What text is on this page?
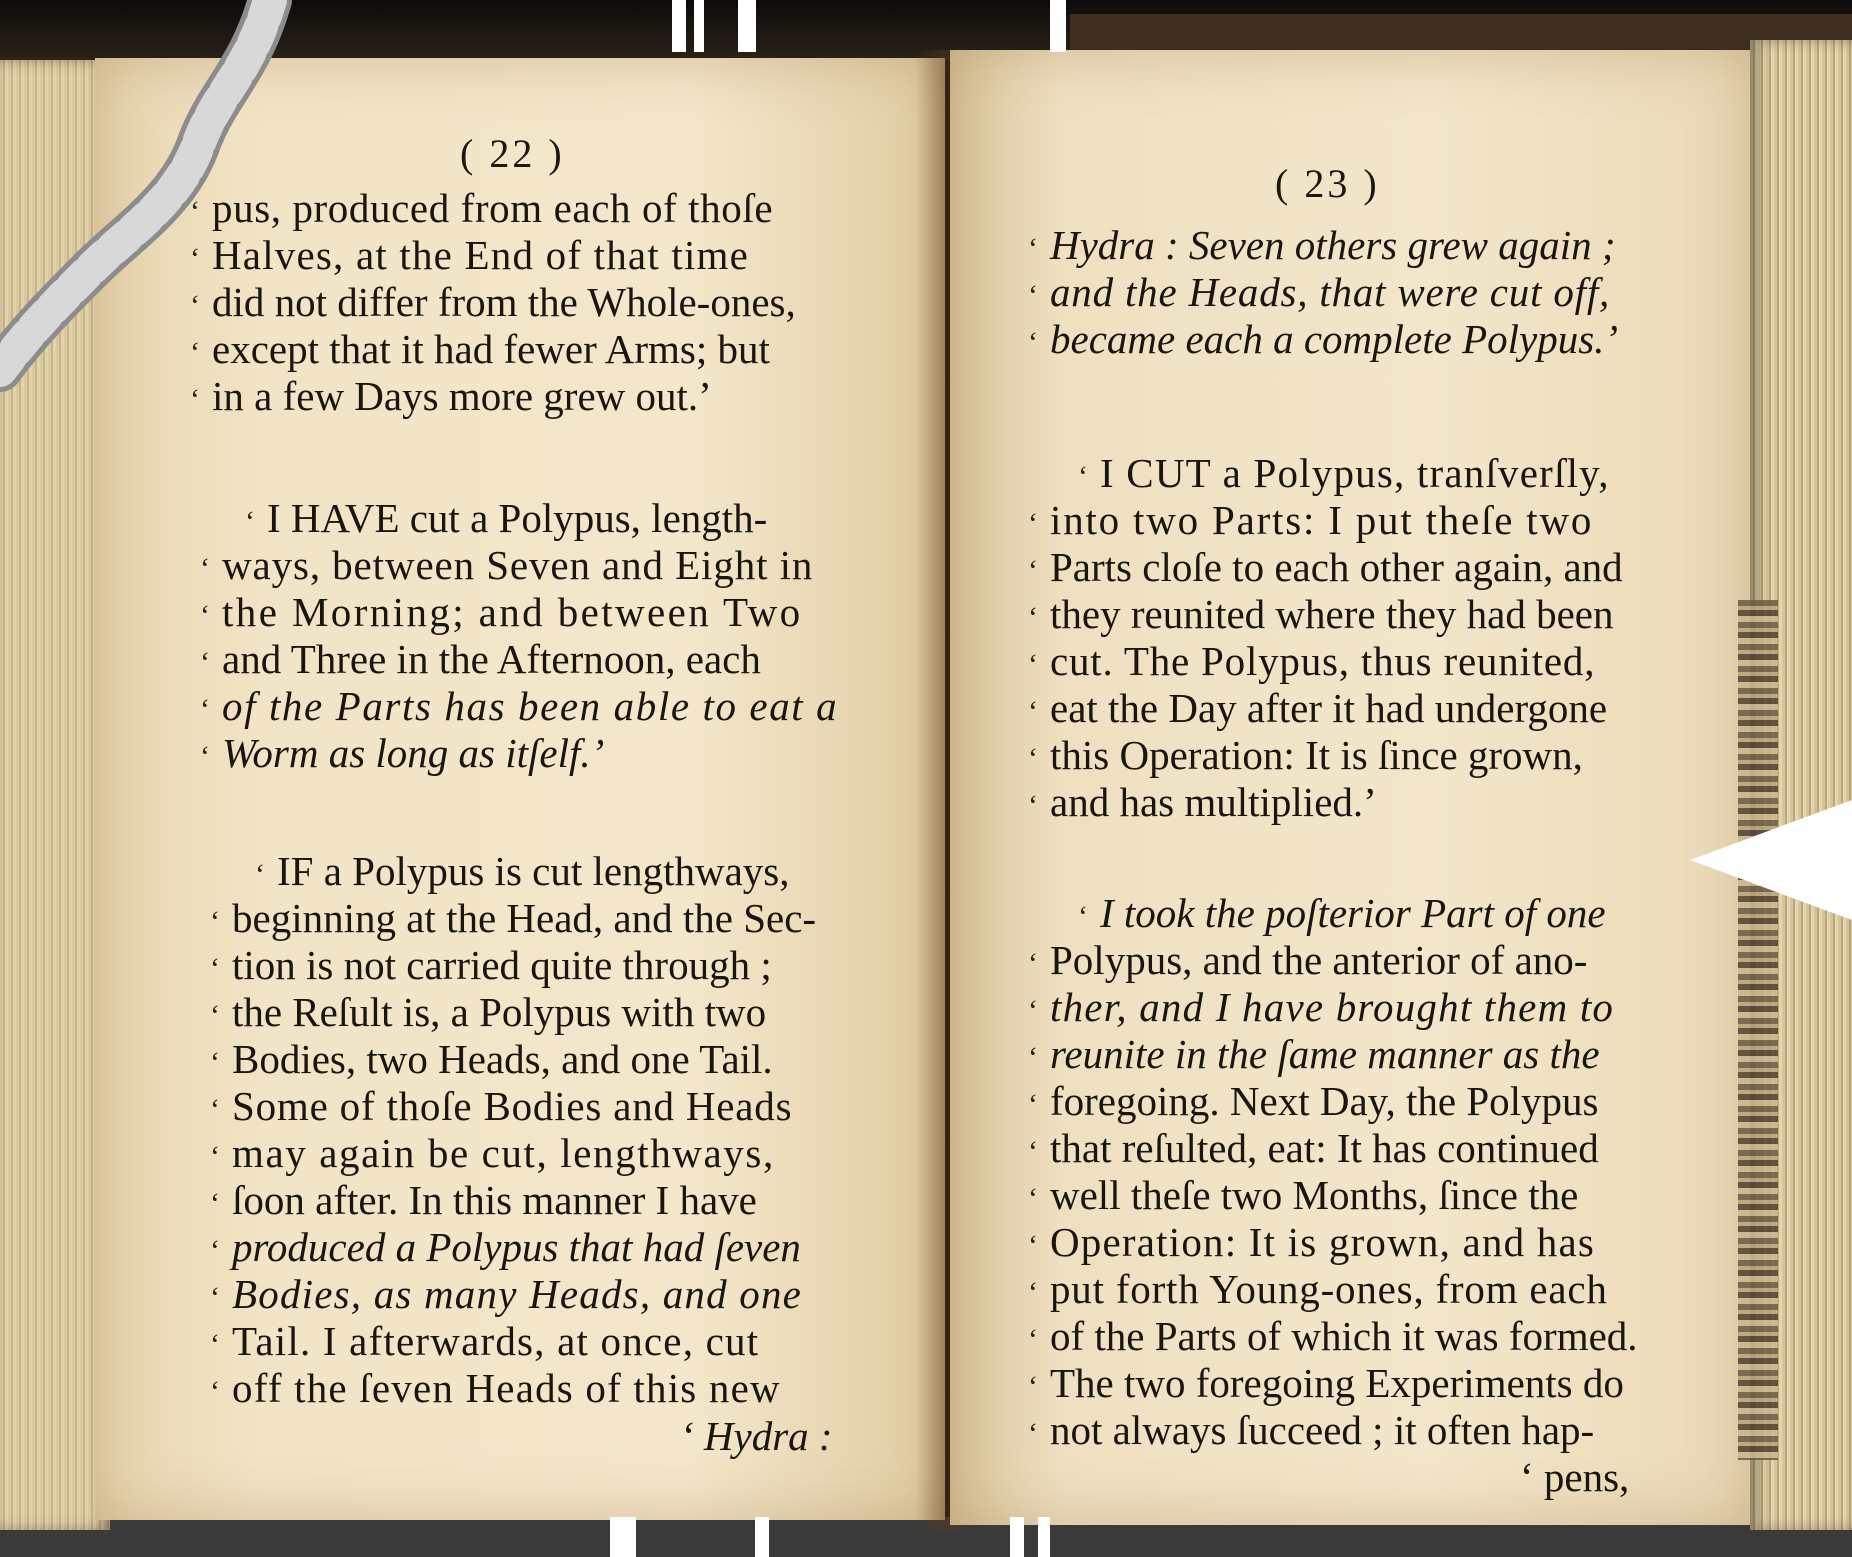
( 22 )
‘ pus, produced from each of thoſe
‘ Halves, at the End of that time
‘ did not differ from the Whole-ones,
‘ except that it had fewer Arms; but
‘ in a few Days more grew out.’
‘ I HAVE cut a Polypus, length-
‘ ways, between Seven and Eight in
‘ the Morning; and between Two
‘ and Three in the Afternoon, each
‘ of the Parts has been able to eat a
‘ Worm as long as itſelf.’
‘ IF a Polypus is cut lengthways,
‘ beginning at the Head, and the Sec-
‘ tion is not carried quite through ;
‘ the Reſult is, a Polypus with two
‘ Bodies, two Heads, and one Tail.
‘ Some of thoſe Bodies and Heads
‘ may again be cut, lengthways,
‘ ſoon after. In this manner I have
‘ produced a Polypus that had ſeven
‘ Bodies, as many Heads, and one
‘ Tail. I afterwards, at once, cut
‘ off the ſeven Heads of this new
‘ Hydra :
( 23 )
‘ Hydra : Seven others grew again ;
‘ and the Heads, that were cut off,
‘ became each a complete Polypus.’
‘ I CUT a Polypus, tranſverſly,
‘ into two Parts: I put theſe two
‘ Parts cloſe to each other again, and
‘ they reunited where they had been
‘ cut. The Polypus, thus reunited,
‘ eat the Day after it had undergone
‘ this Operation: It is ſince grown,
‘ and has multiplied.’
‘ I took the poſterior Part of one
‘ Polypus, and the anterior of ano-
‘ ther, and I have brought them to
‘ reunite in the ſame manner as the
‘ foregoing. Next Day, the Polypus
‘ that reſulted, eat: It has continued
‘ well theſe two Months, ſince the
‘ Operation: It is grown, and has
‘ put forth Young-ones, from each
‘ of the Parts of which it was formed.
‘ The two foregoing Experiments do
‘ not always ſucceed ; it often hap-
‘ pens,
